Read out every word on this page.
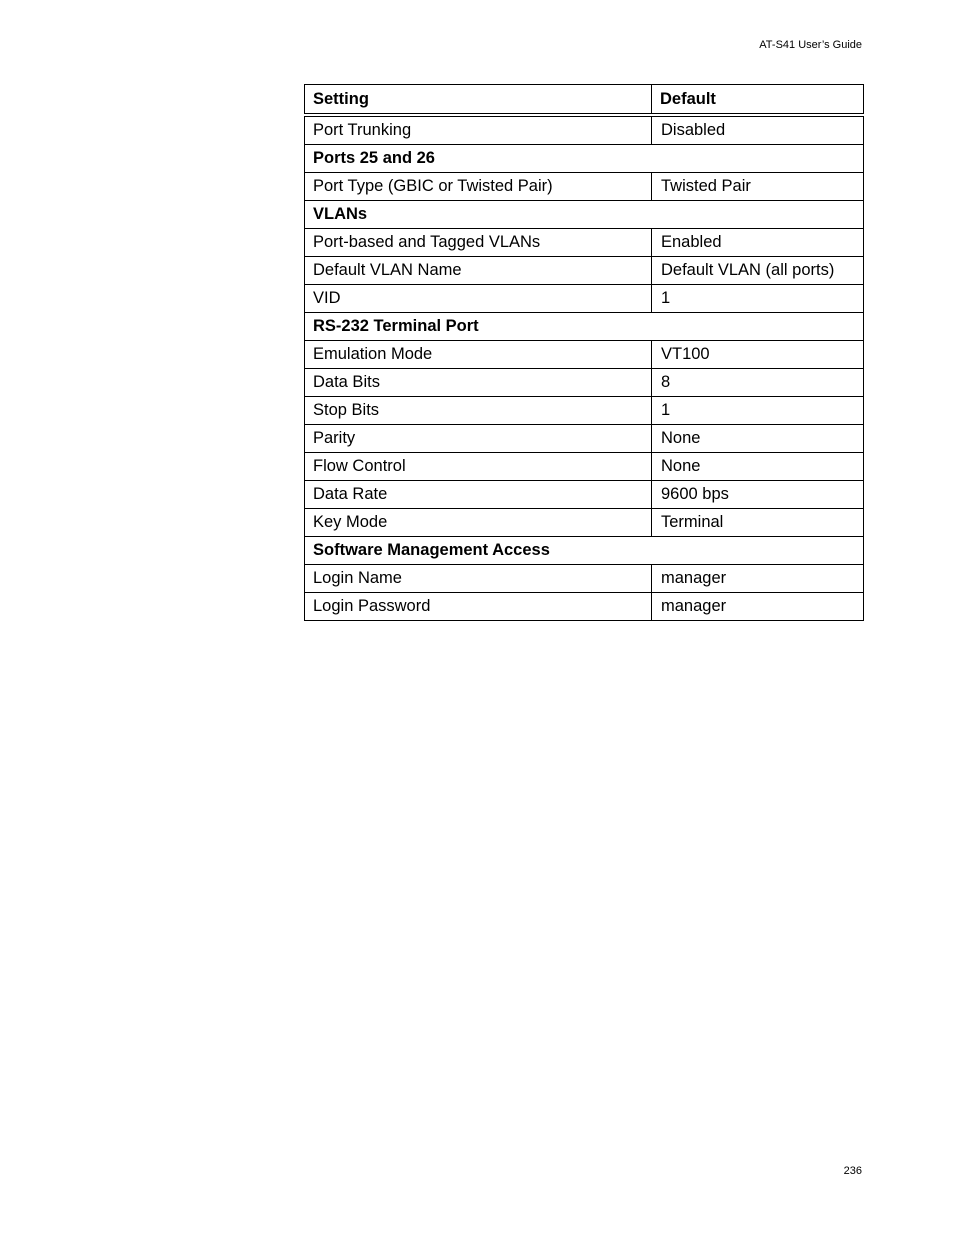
AT-S41 User’s Guide
Setting	Default
Port Trunking	Disabled
Ports 25 and 26	
Port Type (GBIC or Twisted Pair)	Twisted Pair
VLANs	
Port-based and Tagged VLANs	Enabled
Default VLAN Name	Default VLAN (all ports)
VID	1
RS-232 Terminal Port	
Emulation Mode	VT100
Data Bits	8
Stop Bits	1
Parity	None
Flow Control	None
Data Rate	9600 bps
Key Mode	Terminal
Software Management Access	
Login Name	manager
Login Password	manager
236
